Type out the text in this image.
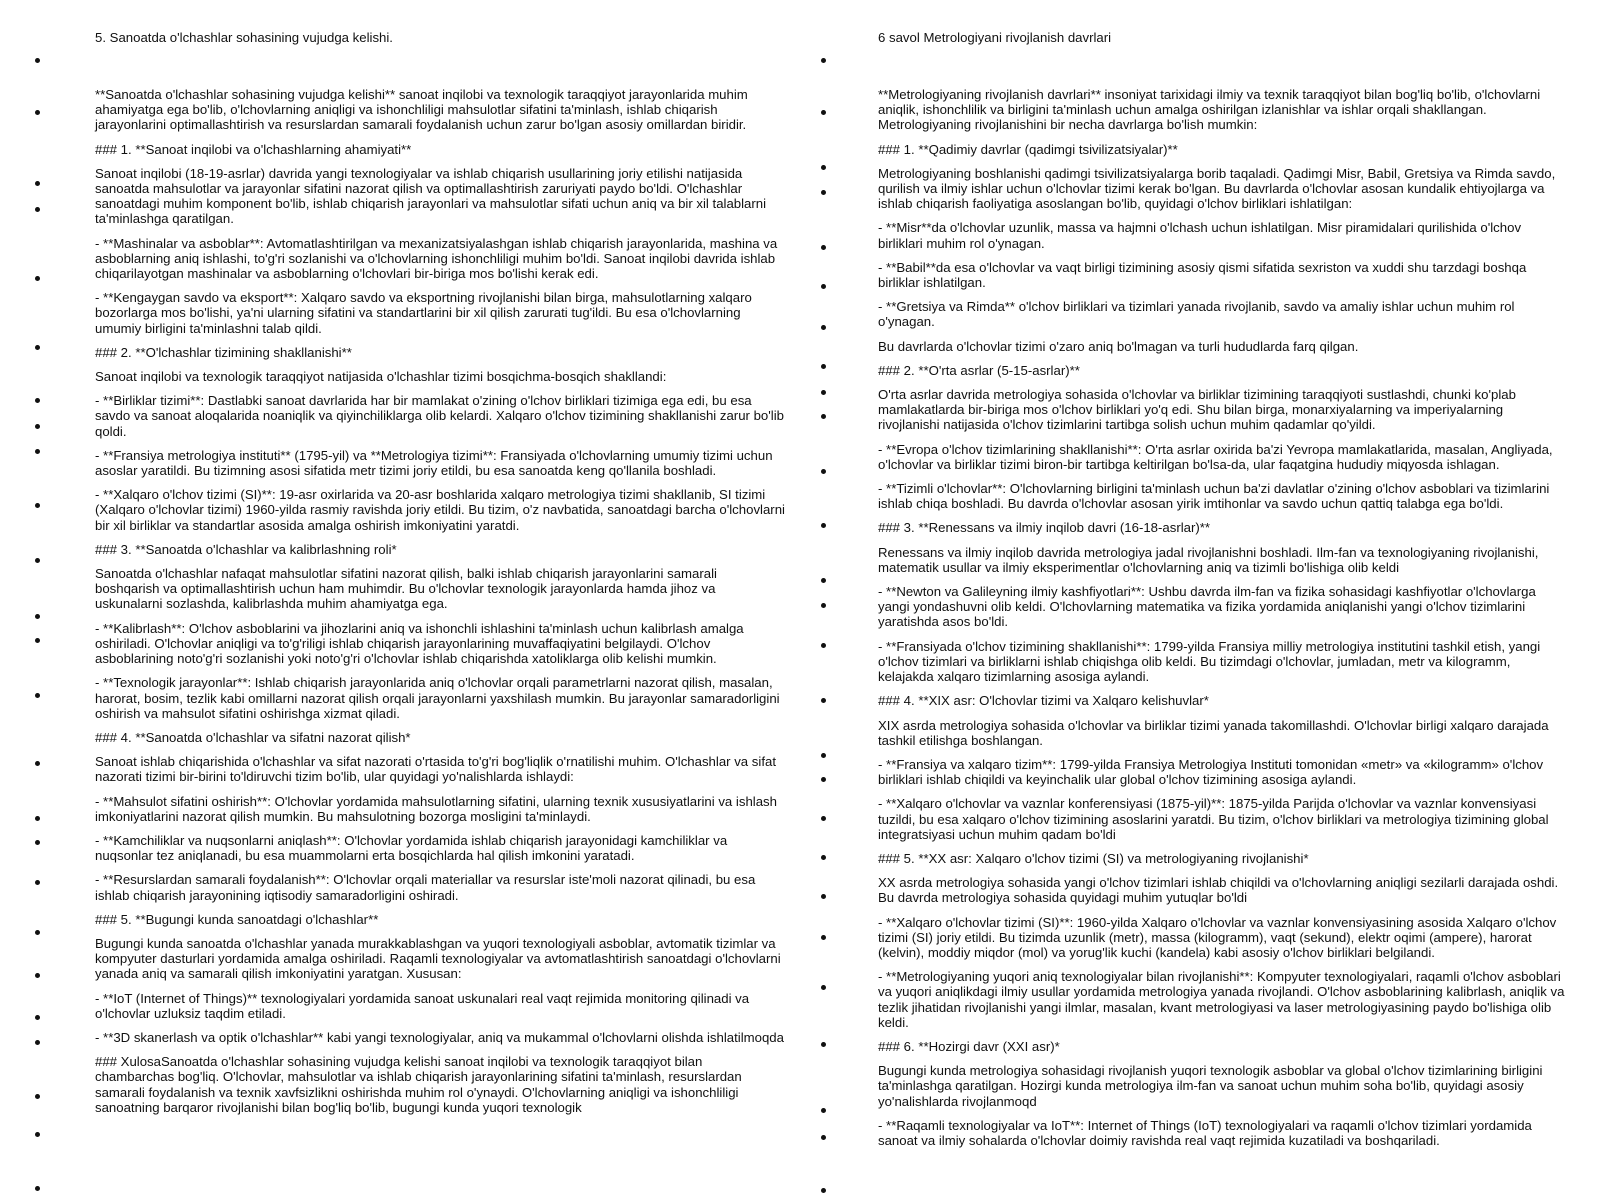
5. Sanoatda o'lchashlar sohasining vujudga kelishi.
**Sanoatda o'lchashlar sohasining vujudga kelishi** sanoat inqilobi va texnologik taraqqiyot jarayonlarida muhim ahamiyatga ega bo'lib, o'lchovlarning aniqligi va ishonchliligi mahsulotlar sifatini ta'minlash, ishlab chiqarish jarayonlarini optimallashtirish va resurslardan samarali foydalanish uchun zarur bo'lgan asosiy omillardan biridir.
### 1. **Sanoat inqilobi va o'lchashlarning ahamiyati**
Sanoat inqilobi (18-19-asrlar) davrida yangi texnologiyalar va ishlab chiqarish usullarining joriy etilishi natijasida sanoatda mahsulotlar va jarayonlar sifatini nazorat qilish va optimallashtirish zaruriyati paydo bo'ldi. O'lchashlar sanoatdagi muhim komponent bo'lib, ishlab chiqarish jarayonlari va mahsulotlar sifati uchun aniq va bir xil talablarni ta'minlashga qaratilgan.
- **Mashinalar va asboblar**: Avtomatlashtirilgan va mexanizatsiyalashgan ishlab chiqarish jarayonlarida, mashina va asboblarning aniq ishlashi, to'g'ri sozlanishi va o'lchovlarning ishonchliligi muhim bo'ldi. Sanoat inqilobi davrida ishlab chiqarilayotgan mashinalar va asboblarning o'lchovlari bir-biriga mos bo'lishi kerak edi.
- **Kengaygan savdo va eksport**: Xalqaro savdo va eksportning rivojlanishi bilan birga, mahsulotlarning xalqaro bozorlarga mos bo'lishi, ya'ni ularning sifatini va standartlarini bir xil qilish zarurati tug'ildi. Bu esa o'lchovlarning umumiy birligini ta'minlashni talab qildi.
### 2. **O'lchashlar tizimining shakllanishi**
Sanoat inqilobi va texnologik taraqqiyot natijasida o'lchashlar tizimi bosqichma-bosqich shakllandi:
- **Birliklar tizimi**: Dastlabki sanoat davrlarida har bir mamlakat o'zining o'lchov birliklari tizimiga ega edi, bu esa savdo va sanoat aloqalarida noaniqlik va qiyinchiliklarga olib kelardi. Xalqaro o'lchov tizimining shakllanishi zarur bo'lib qoldi.
- **Fransiya metrologiya instituti** (1795-yil) va **Metrologiya tizimi**: Fransiyada o'lchovlarning umumiy tizimi uchun asoslar yaratildi. Bu tizimning asosi sifatida metr tizimi joriy etildi, bu esa sanoatda keng qo'llanila boshladi.
- **Xalqaro o'lchov tizimi (SI)**: 19-asr oxirlarida va 20-asr boshlarida xalqaro metrologiya tizimi shakllanib, SI tizimi (Xalqaro o'lchovlar tizimi) 1960-yilda rasmiy ravishda joriy etildi. Bu tizim, o'z navbatida, sanoatdagi barcha o'lchovlarni bir xil birliklar va standartlar asosida amalga oshirish imkoniyatini yaratdi.
### 3. **Sanoatda o'lchashlar va kalibrlashning roli*
Sanoatda o'lchashlar nafaqat mahsulotlar sifatini nazorat qilish, balki ishlab chiqarish jarayonlarini samarali boshqarish va optimallashtirish uchun ham muhimdir. Bu o'lchovlar texnologik jarayonlarda hamda jihoz va uskunalarni sozlashda, kalibrlashda muhim ahamiyatga ega.
- **Kalibrlash**: O'lchov asboblarini va jihozlarini aniq va ishonchli ishlashini ta'minlash uchun kalibrlash amalga oshiriladi. O'lchovlar aniqligi va to'g'riligi ishlab chiqarish jarayonlarining muvaffaqiyatini belgilaydi. O'lchov asboblarining noto'g'ri sozlanishi yoki noto'g'ri o'lchovlar ishlab chiqarishda xatoliklarga olib kelishi mumkin.
- **Texnologik jarayonlar**: Ishlab chiqarish jarayonlarida aniq o'lchovlar orqali parametrlarni nazorat qilish, masalan, harorat, bosim, tezlik kabi omillarni nazorat qilish orqali jarayonlarni yaxshilash mumkin. Bu jarayonlar samaradorligini oshirish va mahsulot sifatini oshirishga xizmat qiladi.
### 4. **Sanoatda o'lchashlar va sifatni nazorat qilish*
Sanoat ishlab chiqarishida o'lchashlar va sifat nazorati o'rtasida to'g'ri bog'liqlik o'rnatilishi muhim. O'lchashlar va sifat nazorati tizimi bir-birini to'ldiruvchi tizim bo'lib, ular quyidagi yo'nalishlarda ishlaydi:
- **Mahsulot sifatini oshirish**: O'lchovlar yordamida mahsulotlarning sifatini, ularning texnik xususiyatlarini va ishlash imkoniyatlarini nazorat qilish mumkin. Bu mahsulotning bozorga mosligini ta'minlaydi.
- **Kamchiliklar va nuqsonlarni aniqlash**: O'lchovlar yordamida ishlab chiqarish jarayonidagi kamchiliklar va nuqsonlar tez aniqlanadi, bu esa muammolarni erta bosqichlarda hal qilish imkonini yaratadi.
- **Resurslardan samarali foydalanish**: O'lchovlar orqali materiallar va resurslar iste'moli nazorat qilinadi, bu esa ishlab chiqarish jarayonining iqtisodiy samaradorligini oshiradi.
### 5. **Bugungi kunda sanoatdagi o'lchashlar**
Bugungi kunda sanoatda o'lchashlar yanada murakkablashgan va yuqori texnologiyali asboblar, avtomatik tizimlar va kompyuter dasturlari yordamida amalga oshiriladi. Raqamli texnologiyalar va avtomatlashtirish sanoatdagi o'lchovlarni yanada aniq va samarali qilish imkoniyatini yaratgan. Xususan:
- **IoT (Internet of Things)** texnologiyalari yordamida sanoat uskunalari real vaqt rejimida monitoring qilinadi va o'lchovlar uzluksiz taqdim etiladi.
- **3D skanerlash va optik o'lchashlar** kabi yangi texnologiyalar, aniq va mukammal o'lchovlarni olishda ishlatilmoqda
### XulosaSanoatda o'lchashlar sohasining vujudga kelishi sanoat inqilobi va texnologik taraqqiyot bilan chambarchas bog'liq. O'lchovlar, mahsulotlar va ishlab chiqarish jarayonlarining sifatini ta'minlash, resurslardan samarali foydalanish va texnik xavfsizlikni oshirishda muhim rol o'ynaydi. O'lchovlarning aniqligi va ishonchliligi sanoatning barqaror rivojlanishi bilan bog'liq bo'lib, bugungi kunda yuqori texnologik
6 savol Metrologiyani rivojlanish davrlari
**Metrologiyaning rivojlanish davrlari** insoniyat tarixidagi ilmiy va texnik taraqqiyot bilan bog'liq bo'lib, o'lchovlarni aniqlik, ishonchlilik va birligini ta'minlash uchun amalga oshirilgan izlanishlar va ishlar orqali shakllangan. Metrologiyaning rivojlanishini bir necha davrlarga bo'lish mumkin:
### 1. **Qadimiy davrlar (qadimgi tsivilizatsiyalar)**
Metrologiyaning boshlanishi qadimgi tsivilizatsiyalarga borib taqaladi. Qadimgi Misr, Babil, Gretsiya va Rimda savdo, qurilish va ilmiy ishlar uchun o'lchovlar tizimi kerak bo'lgan. Bu davrlarda o'lchovlar asosan kundalik ehtiyojlarga va ishlab chiqarish faoliyatiga asoslangan bo'lib, quyidagi o'lchov birliklari ishlatilgan:
- **Misr**da o'lchovlar uzunlik, massa va hajmni o'lchash uchun ishlatilgan. Misr piramidalari qurilishida o'lchov birliklari muhim rol o'ynagan.
- **Babil**da esa o'lchovlar va vaqt birligi tizimining asosiy qismi sifatida sexriston va xuddi shu tarzdagi boshqa birliklar ishlatilgan.
- **Gretsiya va Rimda** o'lchov birliklari va tizimlari yanada rivojlanib, savdo va amaliy ishlar uchun muhim rol o'ynagan.
Bu davrlarda o'lchovlar tizimi o'zaro aniq bo'lmagan va turli hududlarda farq qilgan.
### 2. **O'rta asrlar (5-15-asrlar)**
O'rta asrlar davrida metrologiya sohasida o'lchovlar va birliklar tizimining taraqqiyoti sustlashdi, chunki ko'plab mamlakatlarda bir-biriga mos o'lchov birliklari yo'q edi. Shu bilan birga, monarxiyalarning va imperiyalarning rivojlanishi natijasida o'lchov tizimlarini tartibga solish uchun muhim qadamlar qo'yildi.
- **Evropa o'lchov tizimlarining shakllanishi**: O'rta asrlar oxirida ba'zi Yevropa mamlakatlarida, masalan, Angliyada, o'lchovlar va birliklar tizimi biron-bir tartibga keltirilgan bo'lsa-da, ular faqatgina hududiy miqyosda ishlagan.
- **Tizimli o'lchovlar**: O'lchovlarning birligini ta'minlash uchun ba'zi davlatlar o'zining o'lchov asboblari va tizimlarini ishlab chiqa boshladi. Bu davrda o'lchovlar asosan yirik imtihonlar va savdo uchun qattiq talabga ega bo'ldi.
### 3. **Renessans va ilmiy inqilob davri (16-18-asrlar)**
Renessans va ilmiy inqilob davrida metrologiya jadal rivojlanishni boshladi. Ilm-fan va texnologiyaning rivojlanishi, matematik usullar va ilmiy eksperimentlar o'lchovlarning aniq va tizimli bo'lishiga olib keldi
- **Newton va Galileyning ilmiy kashfiyotlari**: Ushbu davrda ilm-fan va fizika sohasidagi kashfiyotlar o'lchovlarga yangi yondashuvni olib keldi. O'lchovlarning matematika va fizika yordamida aniqlanishi yangi o'lchov tizimlarini yaratishda asos bo'ldi.
- **Fransiyada o'lchov tizimining shakllanishi**: 1799-yilda Fransiya milliy metrologiya institutini tashkil etish, yangi o'lchov tizimlari va birliklarni ishlab chiqishga olib keldi. Bu tizimdagi o'lchovlar, jumladan, metr va kilogramm, kelajakda xalqaro tizimlarning asosiga aylandi.
### 4. **XIX asr: O'lchovlar tizimi va Xalqaro kelishuvlar*
XIX asrda metrologiya sohasida o'lchovlar va birliklar tizimi yanada takomillashdi. O'lchovlar birligi xalqaro darajada tashkil etilishga boshlangan.
- **Fransiya va xalqaro tizim**: 1799-yilda Fransiya Metrologiya Instituti tomonidan «metr» va «kilogramm» o'lchov birliklari ishlab chiqildi va keyinchalik ular global o'lchov tizimining asosiga aylandi.
- **Xalqaro o'lchovlar va vaznlar konferensiyasi (1875-yil)**: 1875-yilda Parijda o'lchovlar va vaznlar konvensiyasi tuzildi, bu esa xalqaro o'lchov tizimining asoslarini yaratdi. Bu tizim, o'lchov birliklari va metrologiya tizimining global integratsiyasi uchun muhim qadam bo'ldi
### 5. **XX asr: Xalqaro o'lchov tizimi (SI) va metrologiyaning rivojlanishi*
XX asrda metrologiya sohasida yangi o'lchov tizimlari ishlab chiqildi va o'lchovlarning aniqligi sezilarli darajada oshdi. Bu davrda metrologiya sohasida quyidagi muhim yutuqlar bo'ldi
- **Xalqaro o'lchovlar tizimi (SI)**: 1960-yilda Xalqaro o'lchovlar va vaznlar konvensiyasining asosida Xalqaro o'lchov tizimi (SI) joriy etildi. Bu tizimda uzunlik (metr), massa (kilogramm), vaqt (sekund), elektr oqimi (ampere), harorat (kelvin), moddiy miqdor (mol) va yorug'lik kuchi (kandela) kabi asosiy o'lchov birliklari belgilandi.
- **Metrologiyaning yuqori aniq texnologiyalar bilan rivojlanishi**: Kompyuter texnologiyalari, raqamli o'lchov asboblari va yuqori aniqlikdagi ilmiy usullar yordamida metrologiya yanada rivojlandi. O'lchov asboblarining kalibrlash, aniqlik va tezlik jihatidan rivojlanishi yangi ilmlar, masalan, kvant metrologiyasi va laser metrologiyasining paydo bo'lishiga olib keldi.
### 6. **Hozirgi davr (XXI asr)*
Bugungi kunda metrologiya sohasidagi rivojlanish yuqori texnologik asboblar va global o'lchov tizimlarining birligini ta'minlashga qaratilgan. Hozirgi kunda metrologiya ilm-fan va sanoat uchun muhim soha bo'lib, quyidagi asosiy yo'nalishlarda rivojlanmoqd
- **Raqamli texnologiyalar va IoT**: Internet of Things (IoT) texnologiyalari va raqamli o'lchov tizimlari yordamida sanoat va ilmiy sohalarda o'lchovlar doimiy ravishda real vaqt rejimida kuzatiladi va boshqariladi.
